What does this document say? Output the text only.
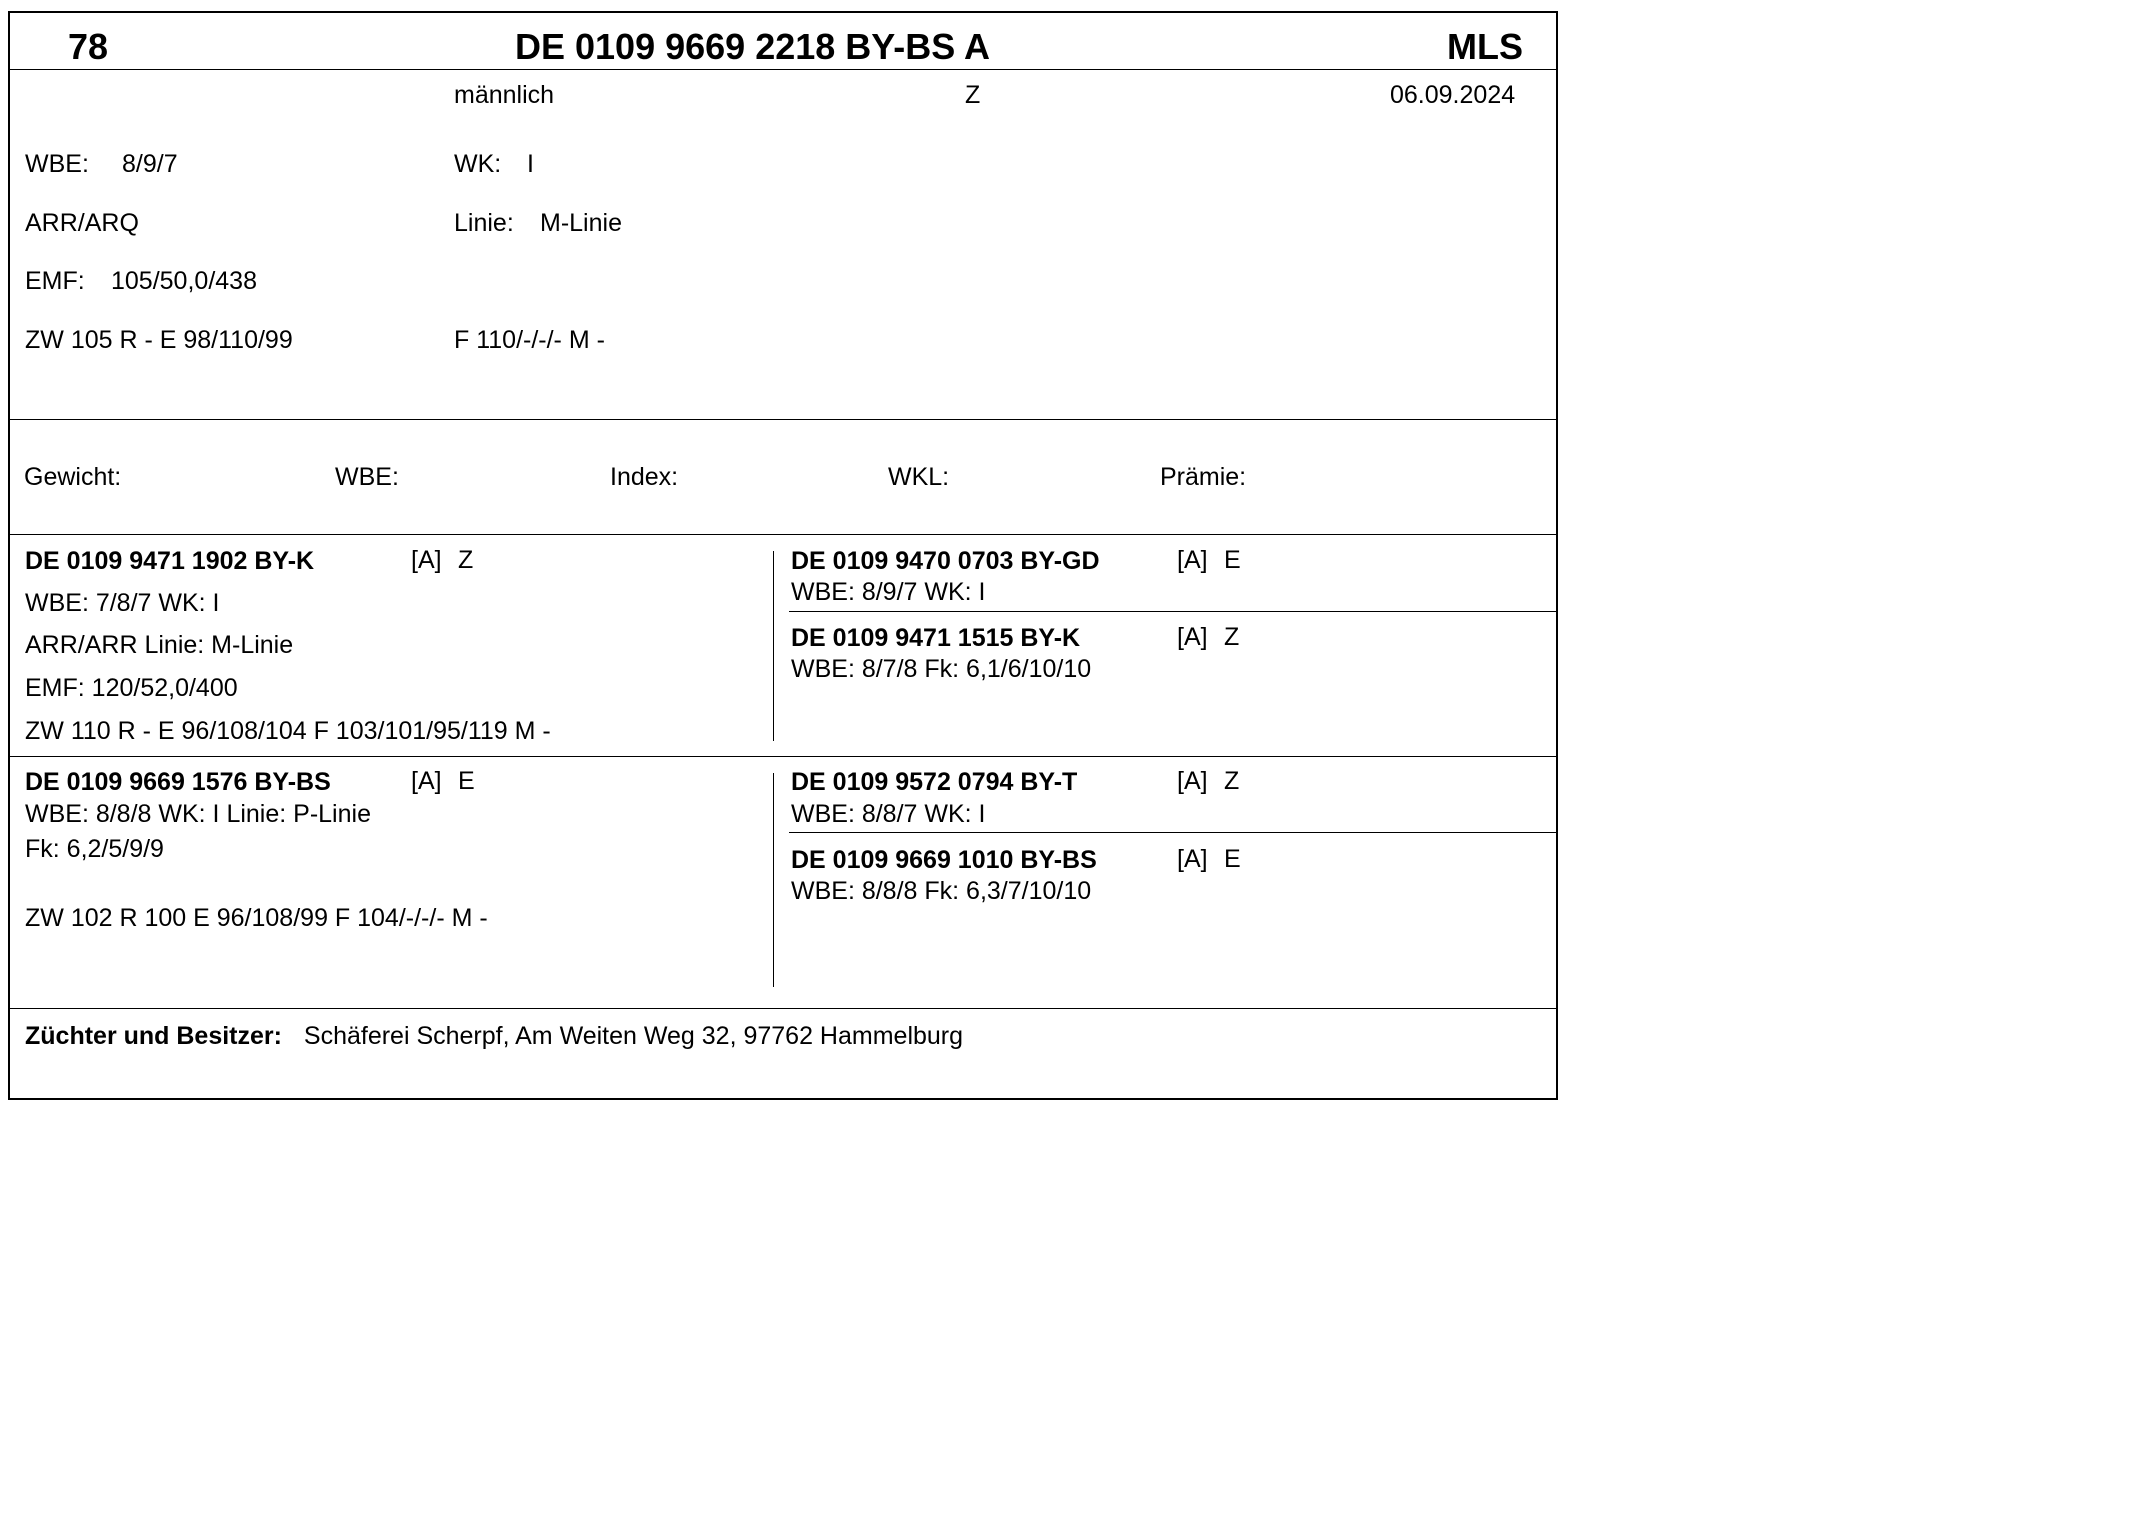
78	DE 0109 9669 2218 BY-BS A	MLS
männlich	Z	06.09.2024
WBE: 8/9/7	WK: I
ARR/ARQ	Linie: M-Linie
EMF: 105/50,0/438
ZW 105 R - E 98/110/99	F 110/-/-/- M -
Gewicht:	WBE:	Index:	WKL:	Prämie:
DE 0109 9471 1902 BY-K	[A] Z
WBE: 7/8/7 WK: I
ARR/ARR Linie: M-Linie
EMF: 120/52,0/400
ZW 110 R - E 96/108/104 F 103/101/95/119 M -
DE 0109 9470 0703 BY-GD	[A] E
WBE: 8/9/7 WK: I
DE 0109 9471 1515 BY-K	[A] Z
WBE: 8/7/8 Fk: 6,1/6/10/10
DE 0109 9669 1576 BY-BS	[A] E
WBE: 8/8/8 WK: I Linie: P-Linie
Fk: 6,2/5/9/9
ZW 102 R 100 E 96/108/99 F 104/-/-/- M -
DE 0109 9572 0794 BY-T	[A] Z
WBE: 8/8/7 WK: I
DE 0109 9669 1010 BY-BS	[A] E
WBE: 8/8/8 Fk: 6,3/7/10/10
Züchter und Besitzer: Schäferei Scherpf, Am Weiten Weg 32, 97762 Hammelburg
